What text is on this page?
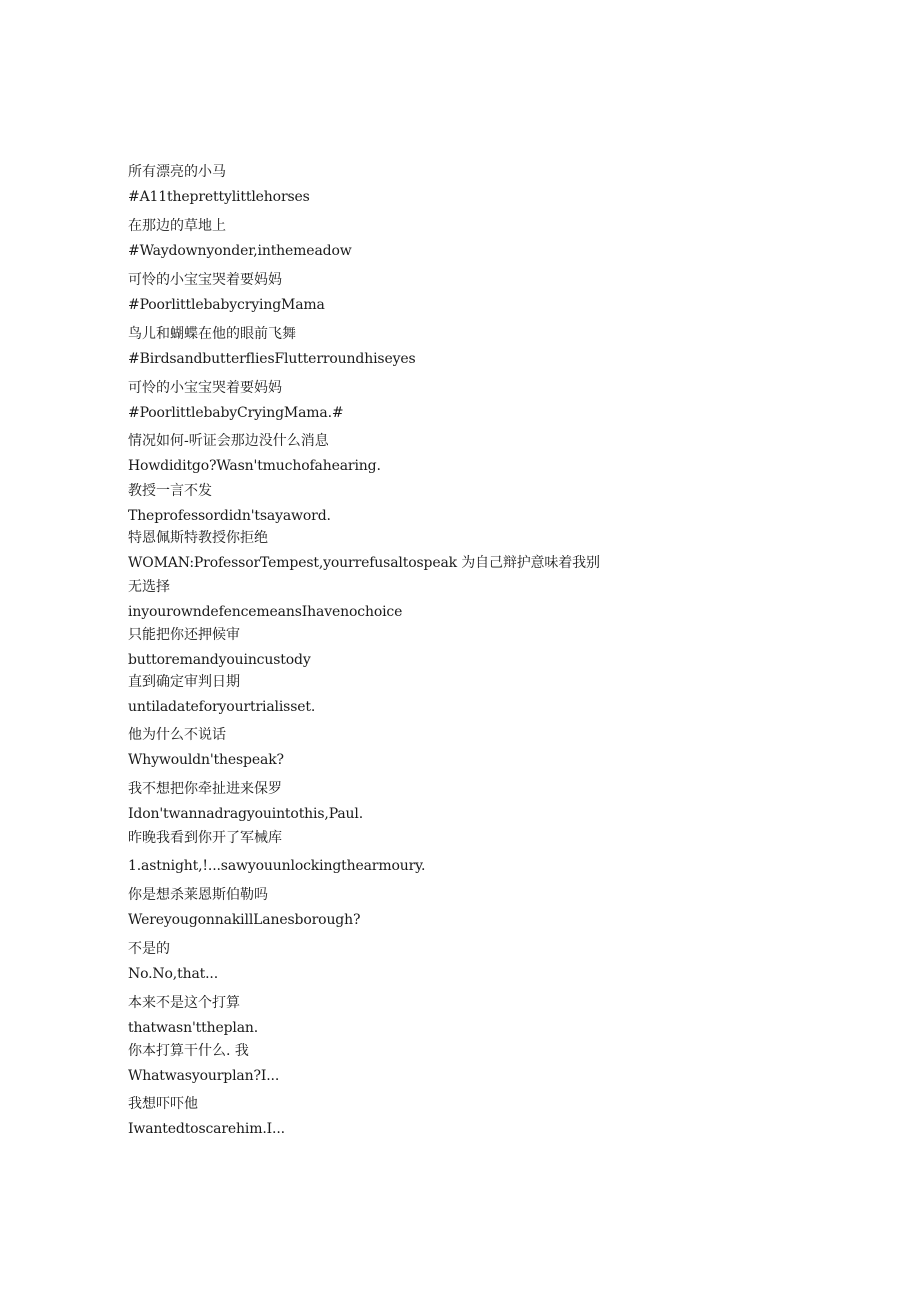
所有漂亮的小马

#A11theprettylittlehorses

在那边的草地上

#Waydownyonder,inthemeadow

可怜的小宝宝哭着要妈妈

#PoorlittlebabycryingMama

鸟儿和蝴蝶在他的眼前飞舞

#BirdsandbutterfliesFlutterroundhiseyes

可怜的小宝宝哭着要妈妈

#PoorlittlebabyCryingMama.#

情况如何-听证会那边没什么消息

Howdiditgo?Wasn'tmuchofahearing.

教授一言不发

Theprofessordidn'tsayaword.

特恩佩斯特教授你拒绝

WOMAN:ProfessorTempest,yourrefusaltospeak 为自己辩护意味着我别

无选择

inyourowndefencemeansIhavenochoice

只能把你还押候审

buttoremandyouincustody

直到确定审判日期

untiladateforyourtrialisset.

他为什么不说话

Whywouldn'thespeak?

我不想把你牵扯进来保罗

Idon'twannadragyouintothis,Paul.

昨晚我看到你开了军械库

1.astnight,!...sawyouunlockingthearmoury.

你是想杀莱恩斯伯勒吗

WereyougonnakillLanesborough?

不是的

No.No,that...

本来不是这个打算

thatwasn'ttheplan.

你本打算干什么. 我

Whatwasyourplan?I...

我想吓吓他

Iwantedtoscarehim.I...
